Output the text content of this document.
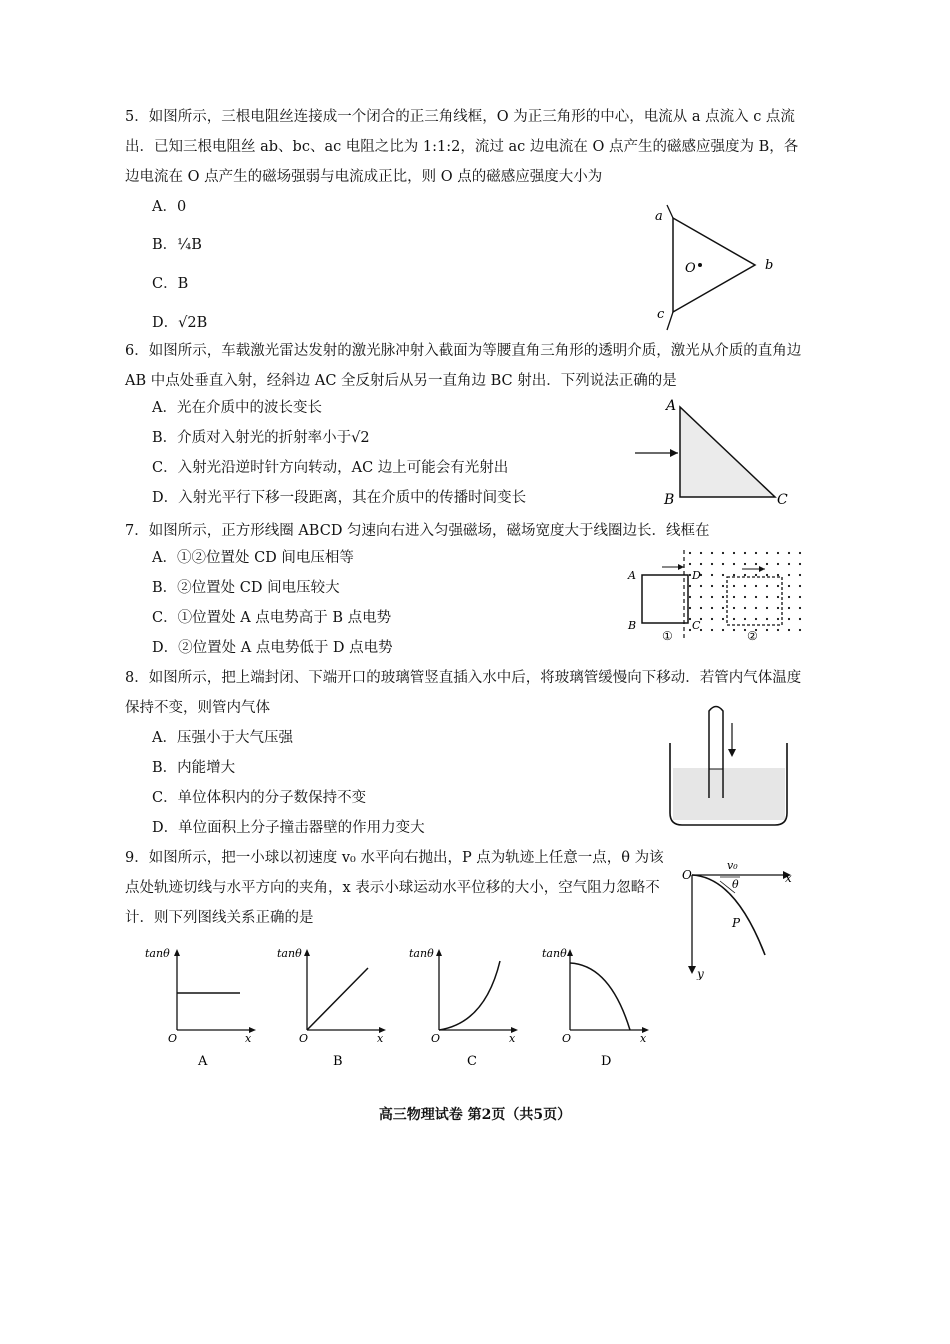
5．如图所示，三根电阻丝连接成一个闭合的正三角线框，O 为正三角形的中心，电流从 a 点流入 c 点流出．已知三根电阻丝 ab、bc、ac 电阻之比为 1:1:2，流过 ac 边电流在 O 点产生的磁感应强度为 B，各边电流在 O 点产生的磁场强弱与电流成正比，则 O 点的磁感应强度大小为

A．0
B．¼B
C．B
D．√2B
a
b
c
O

6．如图所示，车载激光雷达发射的激光脉冲射入截面为等腰直角三角形的透明介质，激光从介质的直角边 AB 中点处垂直入射，经斜边 AC 全反射后从另一直角边 BC 射出．下列说法正确的是

A．光在介质中的波长变长
B．介质对入射光的折射率小于√2
C．入射光沿逆时针方向转动，AC 边上可能会有光射出
D．入射光平行下移一段距离，其在介质中的传播时间变长
A
B	C

7．如图所示，正方形线圈 ABCD 匀速向右进入匀强磁场，磁场宽度大于线圈边长．线框在

A．①②位置处 CD 间电压相等
B．②位置处 CD 间电压较大
C．①位置处 A 点电势高于 B 点电势
D．②位置处 A 点电势低于 D 点电势
A
B	C
D
①	②

8．如图所示，把上端封闭、下端开口的玻璃管竖直插入水中后，将玻璃管缓慢向下移动．若管内气体温度保持不变，则管内气体

A．压强小于大气压强
B．内能增大
C．单位体积内的分子数保持不变
D．单位面积上分子撞击器壁的作用力变大

9．如图所示，把一小球以初速度 v₀ 水平向右抛出，P 点为轨迹上任意一点，θ 为该点处轨迹切线与水平方向的夹角，x 表示小球运动水平位移的大小，空气阻力忽略不计．则下列图线关系正确的是

O	x
y
v₀
θ
P
tanθ
x
O
A
tanθ
x
O
B
tanθ
x
O
C
tanθ
x
O
D
高三物理试卷 第2页（共5页）
